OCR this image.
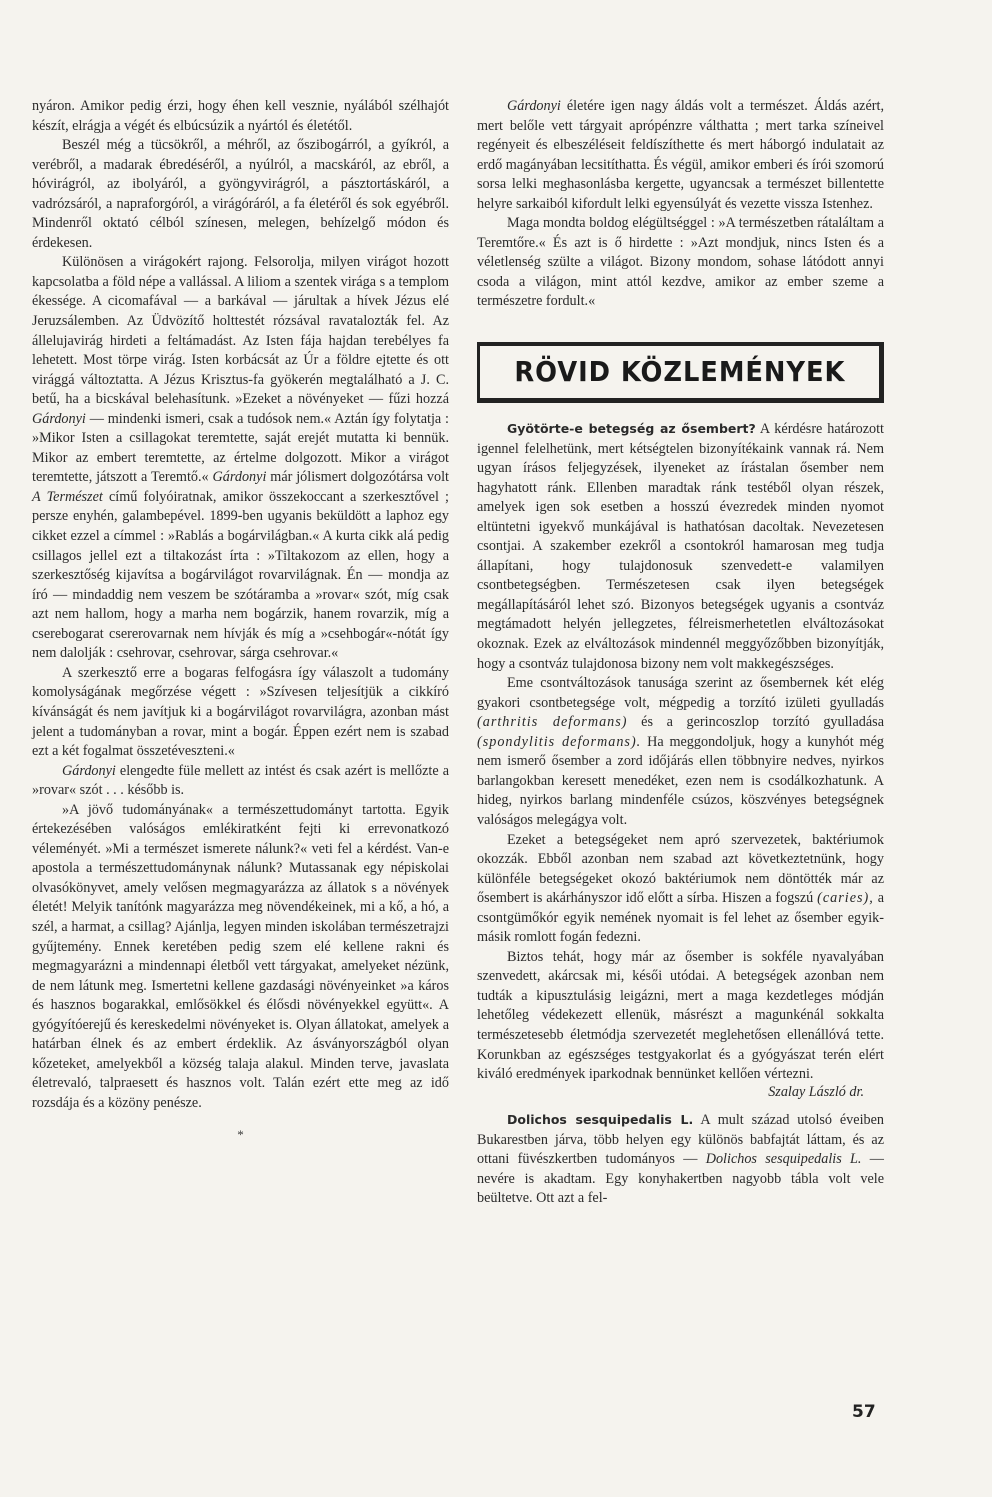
nyáron. Amikor pedig érzi, hogy éhen kell vesznie, nyálából szélhajót készít, elrágja a végét és elbúcsúzik a nyártól és életétől.

Beszél még a tücsökről, a méhről, az őszibogárról, a gyíkról, a verébről, a madarak ébredéséről, a nyúlról, a macskáról, az ebről, a hóvirágról, az ibolyáról, a gyöngyvirágról, a pásztortáskáról, a vadrózsáról, a napraforgóról, a virágóráról, a fa életéről és sok egyébről. Mindenről oktató célból színesen, melegen, behízelgő módon és érdekesen.

Különösen a virágokért rajong. Felsorolja, milyen virágot hozott kapcsolatba a föld népe a vallással. A liliom a szentek virága s a templom ékessége. A cicomafával — a barkával — járultak a hívek Jézus elé Jeruzsálemben. Az Üdvözítő holttestét rózsával ravatalozták fel. Az állelujavirág hirdeti a feltámadást. Az Isten fája hajdan terebélyes fa lehetett. Most törpe virág. Isten korbácsát az Úr a földre ejtette és ott virággá változtatta. A Jézus Krisztus-fa gyökerén megtalálható a J. C. betű, ha a bicskával belehasítunk. »Ezeket a növényeket — fűzi hozzá Gárdonyi — mindenki ismeri, csak a tudósok nem.« Aztán így folytatja : »Mikor Isten a csillagokat teremtette, saját erejét mutatta ki bennük. Mikor az embert teremtette, az értelme dolgozott. Mikor a virágot teremtette, játszott a Teremtő.« Gárdonyi már jólismert dolgozótársa volt A Természet című folyóiratnak, amikor összekoccant a szerkesztővel ; persze enyhén, galambepével. 1899-ben ugyanis beküldött a laphoz egy cikket ezzel a címmel : »Rablás a bogárvilágban.« A kurta cikk alá pedig csillagos jellel ezt a tiltakozást írta : »Tiltakozom az ellen, hogy a szerkesztőség kijavítsa a bogárvilágot rovarvilágnak. Én — mondja az író — mindaddig nem veszem be szótáramba a »rovar« szót, míg csak azt nem hallom, hogy a marha nem bogárzik, hanem rovarzik, míg a cserebogarat csererovarnak nem hívják és míg a »csehbogár«-nótát így nem dalolják : csehrovar, csehrovar, sárga csehrovar.«

A szerkesztő erre a bogaras felfogásra így válaszolt a tudomány komolyságának megőrzése végett : »Szívesen teljesítjük a cikkíró kívánságát és nem javítjuk ki a bogárvilágot rovarvilágra, azonban mást jelent a tudományban a rovar, mint a bogár. Éppen ezért nem is szabad ezt a két fogalmat összetéveszteni.«

Gárdonyi elengedte füle mellett az intést és csak azért is mellőzte a »rovar« szót . . . később is.

»A jövő tudományának« a természettudományt tartotta. Egyik értekezésében valóságos emlékiratként fejti ki errevonatkozó véleményét. »Mi a természet ismerete nálunk?« veti fel a kérdést. Van-e apostola a természettudománynak nálunk? Mutassanak egy népiskolai olvasókönyvet, amely velősen megmagyarázza az állatok s a növények életét! Melyik tanítónk magyarázza meg növendékeinek, mi a kő, a hó, a szél, a harmat, a csillag? Ajánlja, legyen minden iskolában természetrajzi gyűjtemény. Ennek keretében pedig szem elé kellene rakni és megmagyarázni a mindennapi életből vett tárgyakat, amelyeket nézünk, de nem látunk meg. Ismertetni kellene gazdasági növényeinket »a káros és hasznos bogarakkal, emlősökkel és élősdi növényekkel együtt«. A gyógyítóerejű és kereskedelmi növényeket is. Olyan állatokat, amelyek a határban élnek és az embert érdeklik. Az ásványországból olyan kőzeteket, amelyekből a község talaja alakul. Minden terve, javaslata életrevaló, talpraesett és hasznos volt. Talán ezért ette meg az idő rozsdája és a közöny penésze.

*

Gárdonyi életére igen nagy áldás volt a természet. Áldás azért, mert belőle vett tárgyait aprópénzre válthatta ; mert tarka színeivel regényeit és elbeszéléseit feldíszíthette és mert háborgó indulatait az erdő magányában lecsitíthatta. És végül, amikor emberi és írói szomorú sorsa lelki meghasonlásba kergette, ugyancsak a természet billentette helyre sarkaiból kifordult lelki egyensúlyát és vezette vissza Istenhez.

Maga mondta boldog elégültséggel : »A természetben rátaláltam a Teremtőre.« És azt is ő hirdette : »Azt mondjuk, nincs Isten és a véletlenség szülte a világot. Bizony mondom, sohase látódott annyi csoda a világon, mint attól kezdve, amikor az ember szeme a természetre fordult.«

RÖVID KÖZLEMÉNYEK

Gyötörte-e betegség az ősembert? A kérdésre határozott igennel felelhetünk, mert kétségtelen bizonyítékaink vannak rá. Nem ugyan írásos feljegyzések, ilyeneket az írástalan ősember nem hagyhatott ránk. Ellenben maradtak ránk testéből olyan részek, amelyek igen sok esetben a hosszú évezredek minden nyomot eltüntetni igyekvő munkájával is hathatósan dacoltak. Nevezetesen csontjai. A szakember ezekről a csontokról hamarosan meg tudja állapítani, hogy tulajdonosuk szenvedett-e valamilyen csontbetegségben. Természetesen csak ilyen betegségek megállapításáról lehet szó. Bizonyos betegségek ugyanis a csontváz megtámadott helyén jellegzetes, félreismerhetetlen elváltozásokat okoznak. Ezek az elváltozások mindennél meggyőzőbben bizonyítják, hogy a csontváz tulajdonosa bizony nem volt makkegészséges.

Eme csontváltozások tanusága szerint az ősembernek két elég gyakori csontbetegsége volt, mégpedig a torzító izületi gyulladás (arthritis deformans) és a gerincoszlop torzító gyulladása (spondylitis deformans). Ha meggondoljuk, hogy a kunyhót még nem ismerő ősember a zord időjárás ellen többnyire nedves, nyirkos barlangokban keresett menedéket, ezen nem is csodálkozhatunk. A hideg, nyirkos barlang mindenféle csúzos, köszvényes betegségnek valóságos melegágya volt.

Ezeket a betegségeket nem apró szervezetek, baktériumok okozzák. Ebből azonban nem szabad azt következtetnünk, hogy különféle betegségeket okozó baktériumok nem döntötték már az ősembert is akárhányszor idő előtt a sírba. Hiszen a fogszú (caries), a csontgümőkór egyik nemének nyomait is fel lehet az ősember egyik-másik romlott fogán fedezni.

Biztos tehát, hogy már az ősember is sokféle nyavalyában szenvedett, akárcsak mi, késői utódai. A betegségek azonban nem tudták a kipusztulásig leigázni, mert a maga kezdetleges módján lehetőleg védekezett ellenük, másrészt a magunkénál sokkalta természetesebb életmódja szervezetét meglehetősen ellenállóvá tette. Korunkban az egészséges testgyakorlat és a gyógyászat terén elért kiváló eredmények iparkodnak bennünket kellően vértezni.

Szalay László dr.

Dolichos sesquipedalis L. A mult század utolsó éveiben Bukarestben járva, több helyen egy különös babfajtát láttam, és az ottani füvészkertben tudományos — Dolichos sesquipedalis L. — nevére is akadtam. Egy konyhakertben nagyobb tábla volt vele beültetve. Ott azt a fel-

57
